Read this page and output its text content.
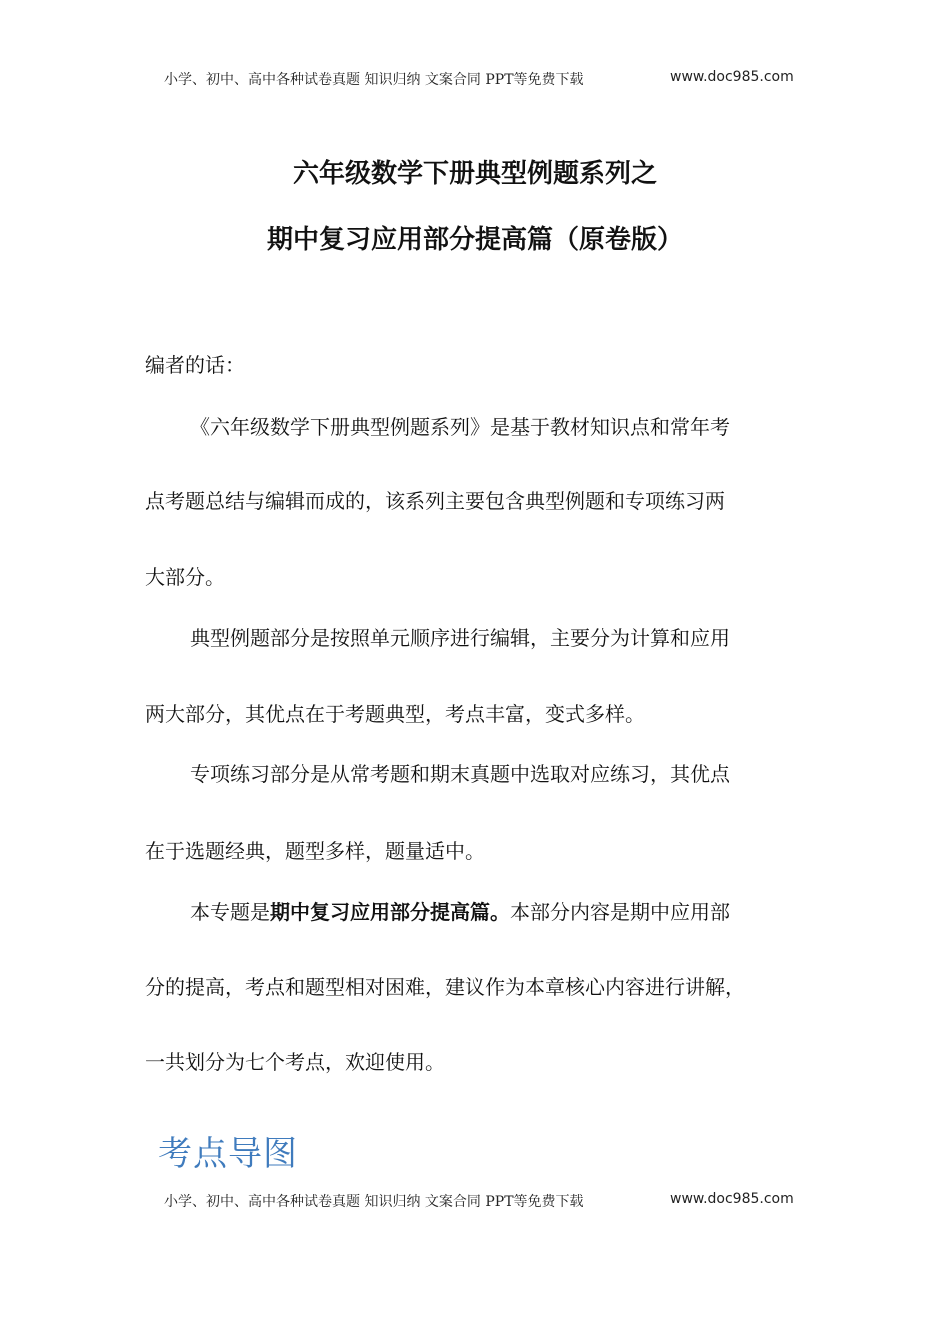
小学、初中、高中各种试卷真题 知识归纳 文案合同 PPT等免费下载	www.doc985.com
六年级数学下册典型例题系列之
期中复习应用部分提高篇（原卷版）
编者的话：
《六年级数学下册典型例题系列》是基于教材知识点和常年考
点考题总结与编辑而成的，该系列主要包含典型例题和专项练习两
大部分。
典型例题部分是按照单元顺序进行编辑，主要分为计算和应用
两大部分，其优点在于考题典型，考点丰富，变式多样。
专项练习部分是从常考题和期末真题中选取对应练习，其优点
在于选题经典，题型多样，题量适中。
本专题是期中复习应用部分提高篇。本部分内容是期中应用部
分的提高，考点和题型相对困难，建议作为本章核心内容进行讲解，
一共划分为七个考点，欢迎使用。
考点导图
小学、初中、高中各种试卷真题 知识归纳 文案合同 PPT等免费下载	www.doc985.com
